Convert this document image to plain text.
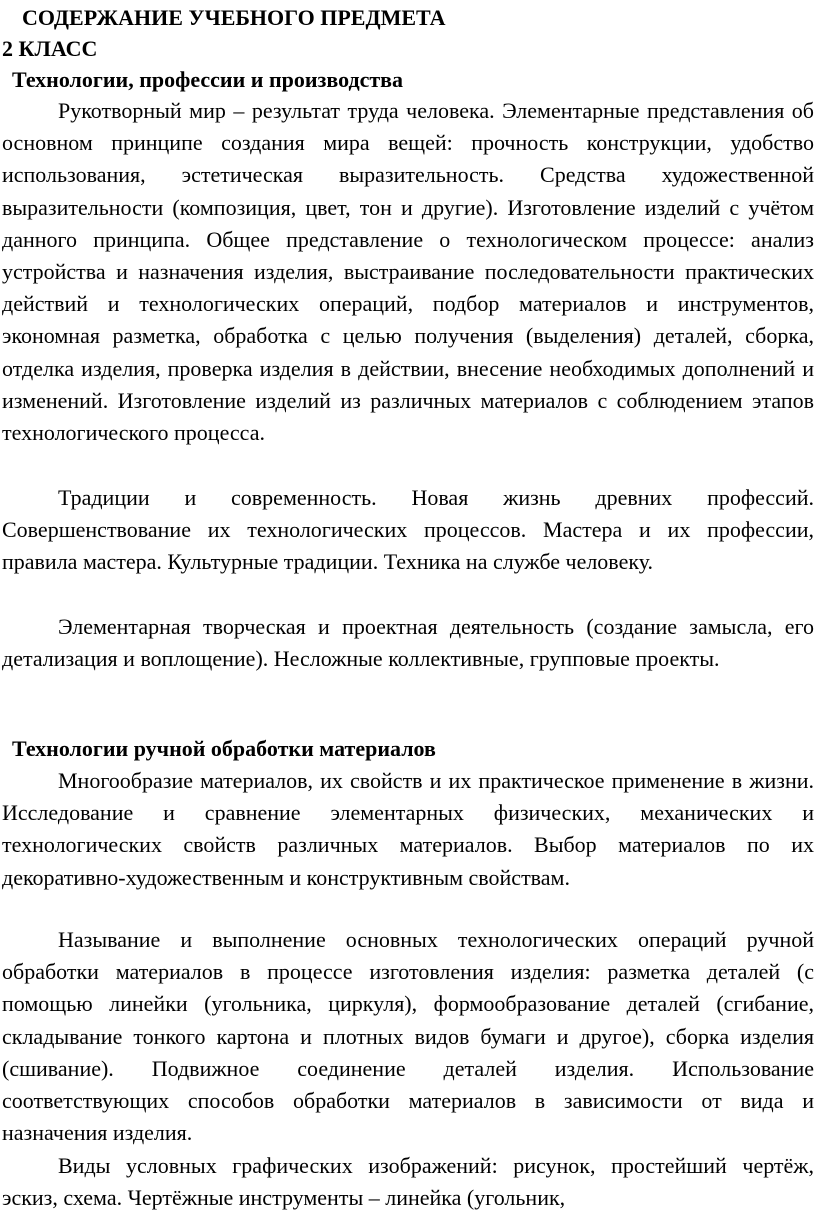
СОДЕРЖАНИЕ УЧЕБНОГО ПРЕДМЕТА
2 КЛАСС
Технологии, профессии и производства

Рукотворный мир – результат труда человека. Элементарные представления об основном принципе создания мира вещей: прочность конструкции, удобство использования, эстетическая выразительность. Средства художественной выразительности (композиция, цвет, тон и другие). Изготовление изделий с учётом данного принципа. Общее представление о технологическом процессе: анализ устройства и назначения изделия, выстраивание последовательности практических действий и технологических операций, подбор материалов и инструментов, экономная разметка, обработка с целью получения (выделения) деталей, сборка, отделка изделия, проверка изделия в действии, внесение необходимых дополнений и изменений. Изготовление изделий из различных материалов с соблюдением этапов технологического процесса.

Традиции и современность. Новая жизнь древних профессий. Совершенствование их технологических процессов. Мастера и их профессии, правила мастера. Культурные традиции. Техника на службе человеку.

Элементарная творческая и проектная деятельность (создание замысла, его детализация и воплощение). Несложные коллективные, групповые проекты.

Технологии ручной обработки материалов

Многообразие материалов, их свойств и их практическое применение в жизни. Исследование и сравнение элементарных физических, механических и технологических свойств различных материалов. Выбор материалов по их декоративно-художественным и конструктивным свойствам.

Называние и выполнение основных технологических операций ручной обработки материалов в процессе изготовления изделия: разметка деталей (с помощью линейки (угольника, циркуля), формообразование деталей (сгибание, складывание тонкого картона и плотных видов бумаги и другое), сборка изделия (сшивание). Подвижное соединение деталей изделия. Использование соответствующих способов обработки материалов в зависимости от вида и назначения изделия.

Виды условных графических изображений: рисунок, простейший чертёж, эскиз, схема. Чертёжные инструменты – линейка (угольник,
